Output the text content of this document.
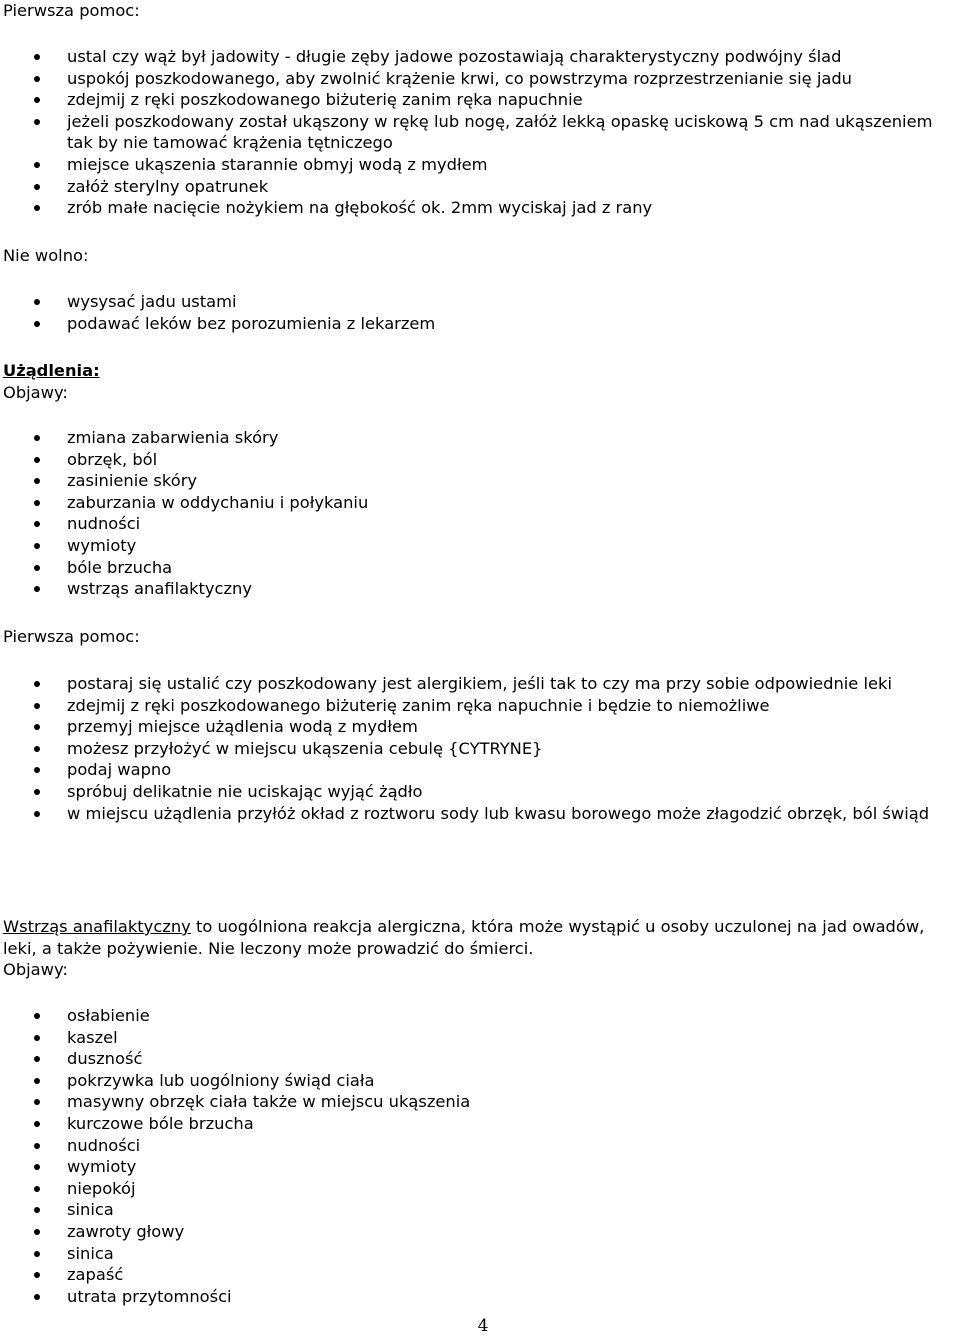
Pierwsza pomoc:

ustal czy wąż był jadowity - długie zęby jadowe pozostawiają charakterystyczny podwójny ślad
uspokój poszkodowanego, aby zwolnić krążenie krwi, co powstrzyma rozprzestrzenianie się jadu
zdejmij z ręki poszkodowanego biżuterię zanim ręka napuchnie
jeżeli poszkodowany został ukąszony w rękę lub nogę, załóż lekką opaskę uciskową 5 cm nad ukąszeniem tak by nie tamować krążenia tętniczego
miejsce ukąszenia starannie obmyj wodą z mydłem
załóż sterylny opatrunek
zrób małe nacięcie nożykiem na głębokość ok. 2mm wyciskaj jad z rany

Nie wolno:

wysysać jadu ustami
podawać leków bez porozumienia z lekarzem

Użądlenia:

Objawy:

zmiana zabarwienia skóry
obrzęk, ból
zasinienie skóry
zaburzania w oddychaniu i połykaniu
nudności
wymioty
bóle brzucha
wstrząs anafilaktyczny

Pierwsza pomoc:

postaraj się ustalić czy poszkodowany jest alergikiem, jeśli tak to czy ma przy sobie odpowiednie leki
zdejmij z ręki poszkodowanego biżuterię zanim ręka napuchnie i będzie to niemożliwe
przemyj miejsce użądlenia wodą z mydłem
możesz przyłożyć w miejscu ukąszenia cebulę {CYTRYNE}
podaj wapno
spróbuj delikatnie nie uciskając wyjąć żądło
w miejscu użądlenia przyłóż okład z roztworu sody lub kwasu borowego może złagodzić obrzęk, ból świąd

Wstrząs anafilaktyczny to uogólniona reakcja alergiczna, która może wystąpić u osoby uczulonej na jad owadów, leki, a także pożywienie. Nie leczony może prowadzić do śmierci.

Objawy:

osłabienie
kaszel
duszność
pokrzywka lub uogólniony świąd ciała
masywny obrzęk ciała także w miejscu ukąszenia
kurczowe bóle brzucha
nudności
wymioty
niepokój
sinica
zawroty głowy
sinica
zapaść
utrata przytomności
4
